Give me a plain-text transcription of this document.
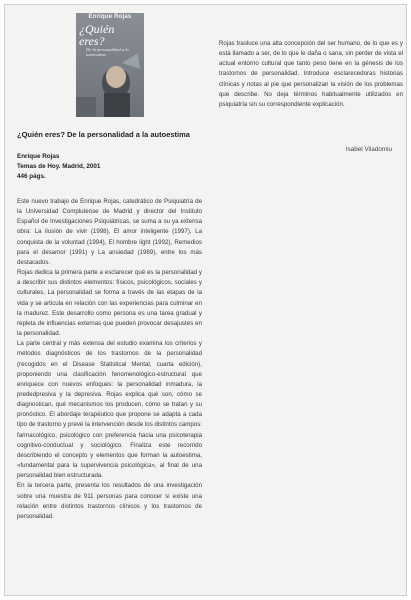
Enrique Rojas
¿Quién eres?
De la personalidad a la autoestima
¿Quién eres? De la personalidad a la autoestima
Enrique Rojas
Temas de Hoy. Madrid, 2001
446 págs.

Este nuevo trabajo de Enrique Rojas, catedrático de Psiquiatría de la Universidad Complutense de Madrid y director del Instituto Español de Investigaciones Psiquiátricas, se suma a su ya extensa obra: La ilusión de vivir (1998), El amor inteligente (1997), La conquista de la voluntad (1994), El hombre light (1992), Remedios para el desamor (1991) y La ansiedad (1989), entre los más destacados.

Rojas dedica la primera parte a esclarecer qué es la personalidad y a describir sus distintos elementos: físicos, psicológicos, sociales y culturales. La personalidad se forma a través de las etapas de la vida y se articula en relación con las experiencias para culminar en la madurez. Este desarrollo como persona es una tarea gradual y repleta de influencias externas que pueden provocar desajustes en la personalidad.

La parte central y más extensa del estudio examina los criterios y métodos diagnósticos de los trastornos de la personalidad (recogidos en el Disease Statistical Mental, cuarta edición), proponiendo una clasificación fenomenológico-estructural que enriquece con nuevos enfoques: la personalidad inmadura, la prededpresiva y la depresiva. Rojas explica qué son, cómo se diagnostican, qué mecanismos los producen, cómo se tratan y su pronóstico. El abordaje terapéutico que propone se adapta a cada tipo de trastorno y prevé la intervención desde los distintos campos: farmacológico, psicológico con preferencia hacia una psicoterapia cognitivo-conductual y sociológico. Finaliza este recorrido describiendo el concepto y elementos que forman la autoestima, «fundamental para la supervivencia psicológica», al final de una personalidad bien estructurada.

En la tercera parte, presenta los resultados de una investigación sobre una muestra de 911 personas para conocer si existe una relación entre distintos trastornos clínicos y los trastornos de personalidad.

Rojas trasluce una alta concepción del ser humano, de lo que es y está llamado a ser, de lo que le daña o sana, sin perder de vista el actual entorno cultural que tanto peso tiene en la génesis de los trastornos de personalidad. Introduce esclarecedoras historias clínicas y notas al pie que personalizan la visión de los problemas que describe. No deja términos habitualmente utilizados en psiquiatría sin su correspondiente explicación.

Isabel Viladomiu
